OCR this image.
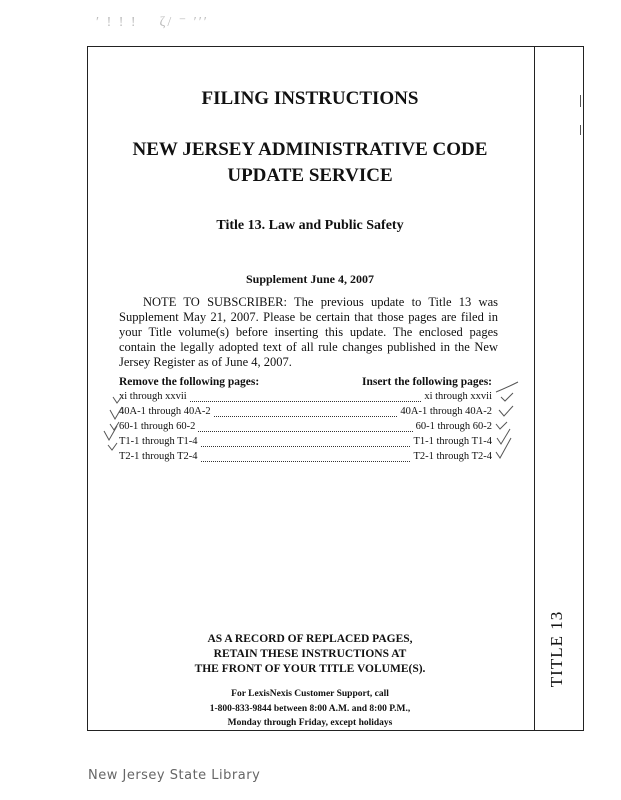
′ ! ! !    ζ/ ⁻ ′′′
TITLE 13
FILING INSTRUCTIONS
NEW JERSEY ADMINISTRATIVE CODE
UPDATE SERVICE
Title 13. Law and Public Safety
Supplement June 4, 2007
NOTE TO SUBSCRIBER: The previous update to Title 13 was Supplement May 21, 2007. Please be certain that those pages are filed in your Title volume(s) before inserting this update. The enclosed pages contain the legally adopted text of all rule changes published in the New Jersey Register as of June 4, 2007.
Remove the following pages:	Insert the following pages:
xi through xxvii	xi through xxvii
40A-1 through 40A-2	40A-1 through 40A-2
60-1 through 60-2	60-1 through 60-2
T1-1 through T1-4	T1-1 through T1-4
T2-1 through T2-4	T2-1 through T2-4
AS A RECORD OF REPLACED PAGES,
RETAIN THESE INSTRUCTIONS AT
THE FRONT OF YOUR TITLE VOLUME(S).
For LexisNexis Customer Support, call
1-800-833-9844 between 8:00 A.M. and 8:00 P.M.,
Monday through Friday, except holidays
New Jersey State Library
